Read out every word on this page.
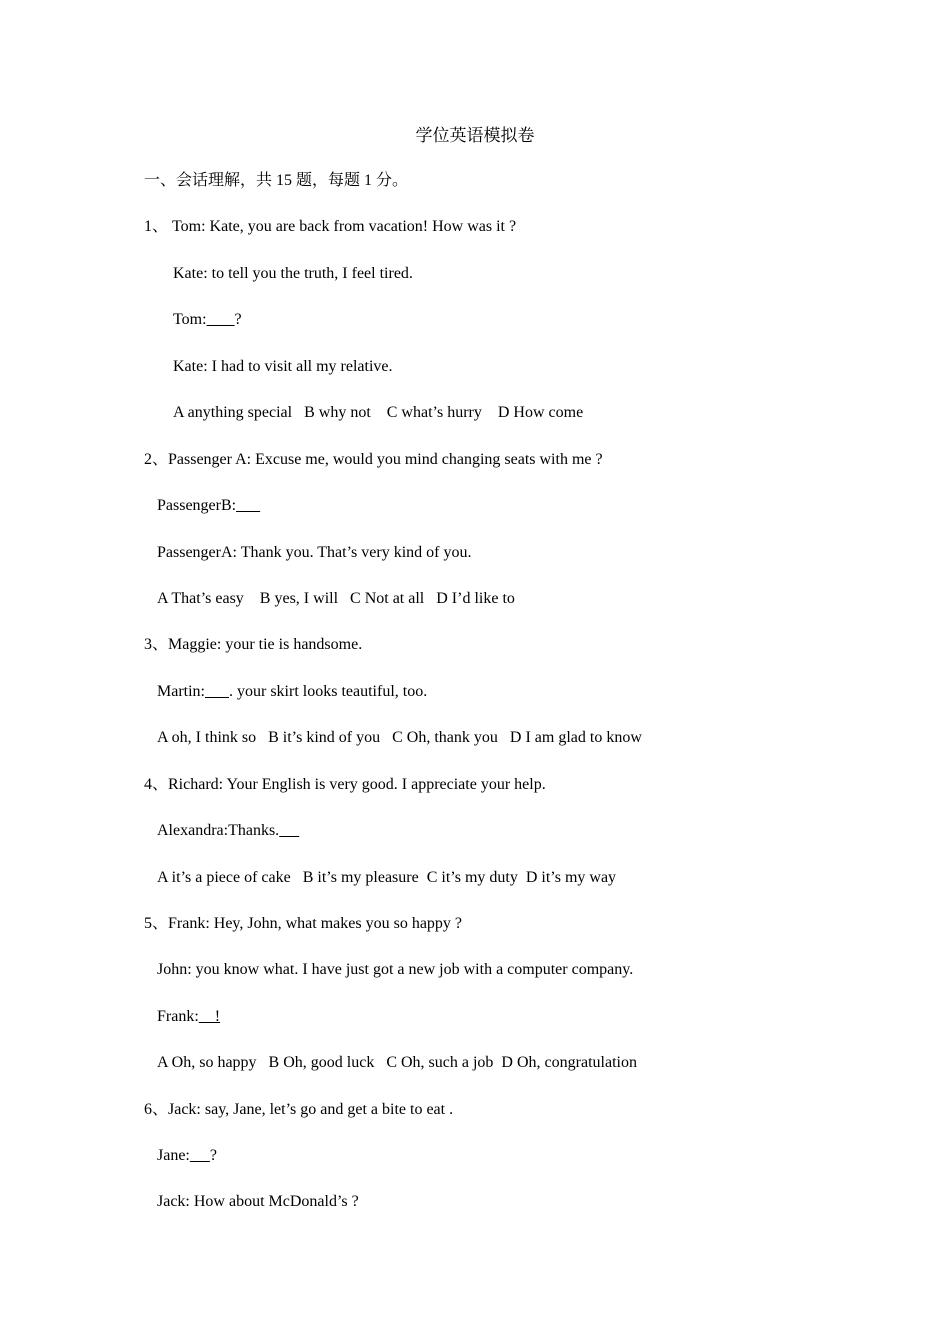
学位英语模拟卷
一、会话理解，共 15 题，每题 1 分。
1、 Tom: Kate, you are back from vacation! How was it ?
Kate: to tell you the truth, I feel tired.
Tom: ?
Kate: I had to visit all my relative.
A anything special   B why not    C what’s hurry    D How come
2、Passenger A: Excuse me, would you mind changing seats with me ?
PassengerB:
PassengerA: Thank you. That’s very kind of you.
A That’s easy    B yes, I will   C Not at all   D I’d like to
3、Maggie: your tie is handsome.
Martin: . your skirt looks teautiful, too.
A oh, I think so   B it’s kind of you   C Oh, thank you   D I am glad to know
4、Richard: Your English is very good. I appreciate your help.
Alexandra:Thanks.
A it’s a piece of cake   B it’s my pleasure  C it’s my duty  D it’s my way
5、Frank: Hey, John, what makes you so happy ?
John: you know what. I have just got a new job with a computer company.
Frank:    !
A Oh, so happy   B Oh, good luck   C Oh, such a job  D Oh, congratulation
6、Jack: say, Jane, let’s go and get a bite to eat .
Jane: ?
Jack: How about McDonald’s ?
